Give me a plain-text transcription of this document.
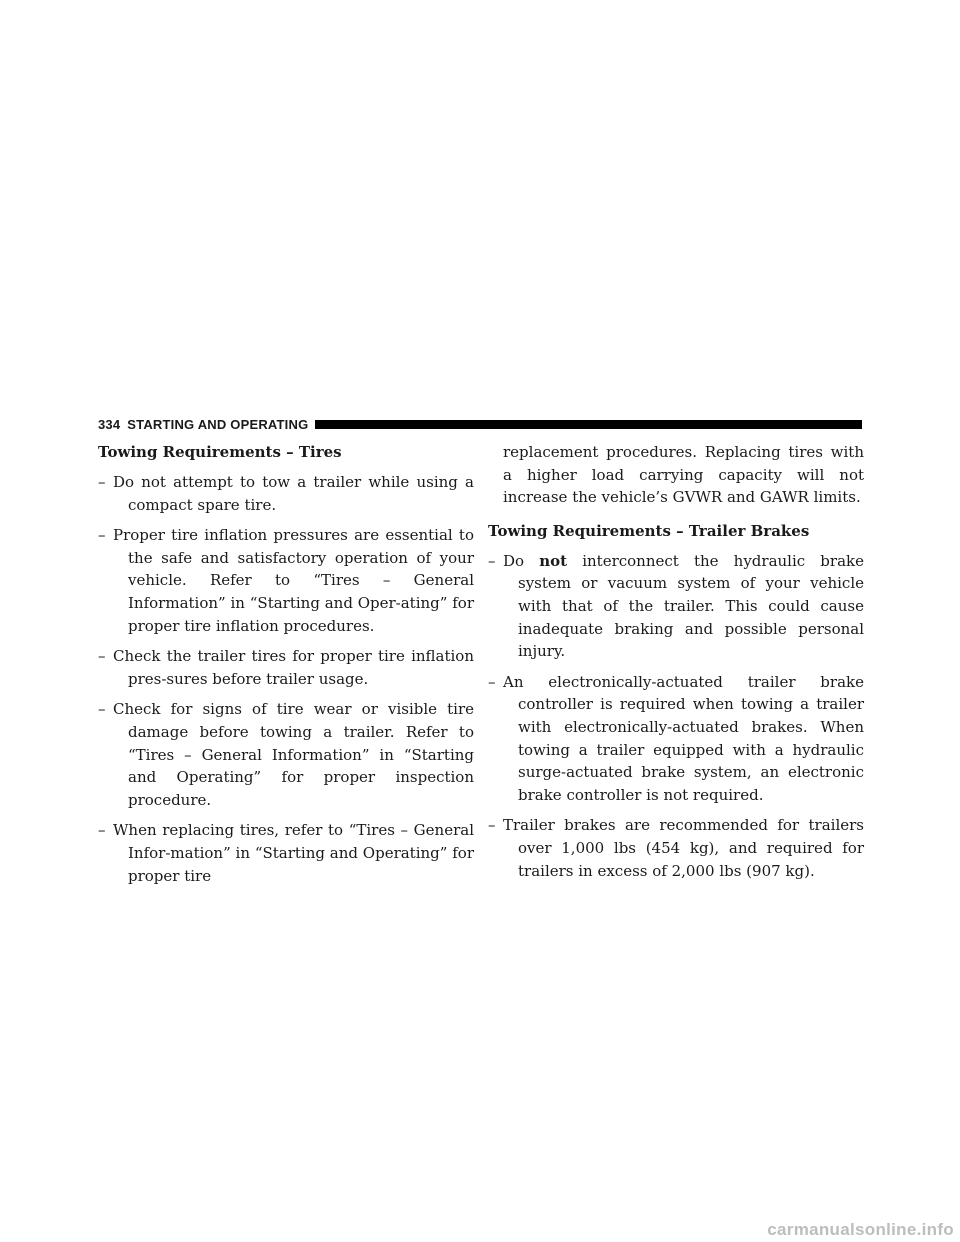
334 STARTING AND OPERATING
Towing Requirements – Tires
– Do not attempt to tow a trailer while using a compact spare tire.
– Proper tire inflation pressures are essential to the safe and satisfactory operation of your vehicle. Refer to “Tires – General Information” in “Starting and Oper-ating” for proper tire inflation procedures.
– Check the trailer tires for proper tire inflation pres-sures before trailer usage.
– Check for signs of tire wear or visible tire damage before towing a trailer. Refer to “Tires – General Information” in “Starting and Operating” for proper inspection procedure.
– When replacing tires, refer to “Tires – General Infor-mation” in “Starting and Operating” for proper tire

replacement procedures. Replacing tires with a higher load carrying capacity will not increase the vehicle’s GVWR and GAWR limits.

Towing Requirements – Trailer Brakes
– Do not interconnect the hydraulic brake system or vacuum system of your vehicle with that of the trailer. This could cause inadequate braking and possible personal injury.
– An electronically-actuated trailer brake controller is required when towing a trailer with electronically-actuated brakes. When towing a trailer equipped with a hydraulic surge-actuated brake system, an electronic brake controller is not required.
– Trailer brakes are recommended for trailers over 1,000 lbs (454 kg), and required for trailers in excess of 2,000 lbs (907 kg).
carmanualsonline.info
